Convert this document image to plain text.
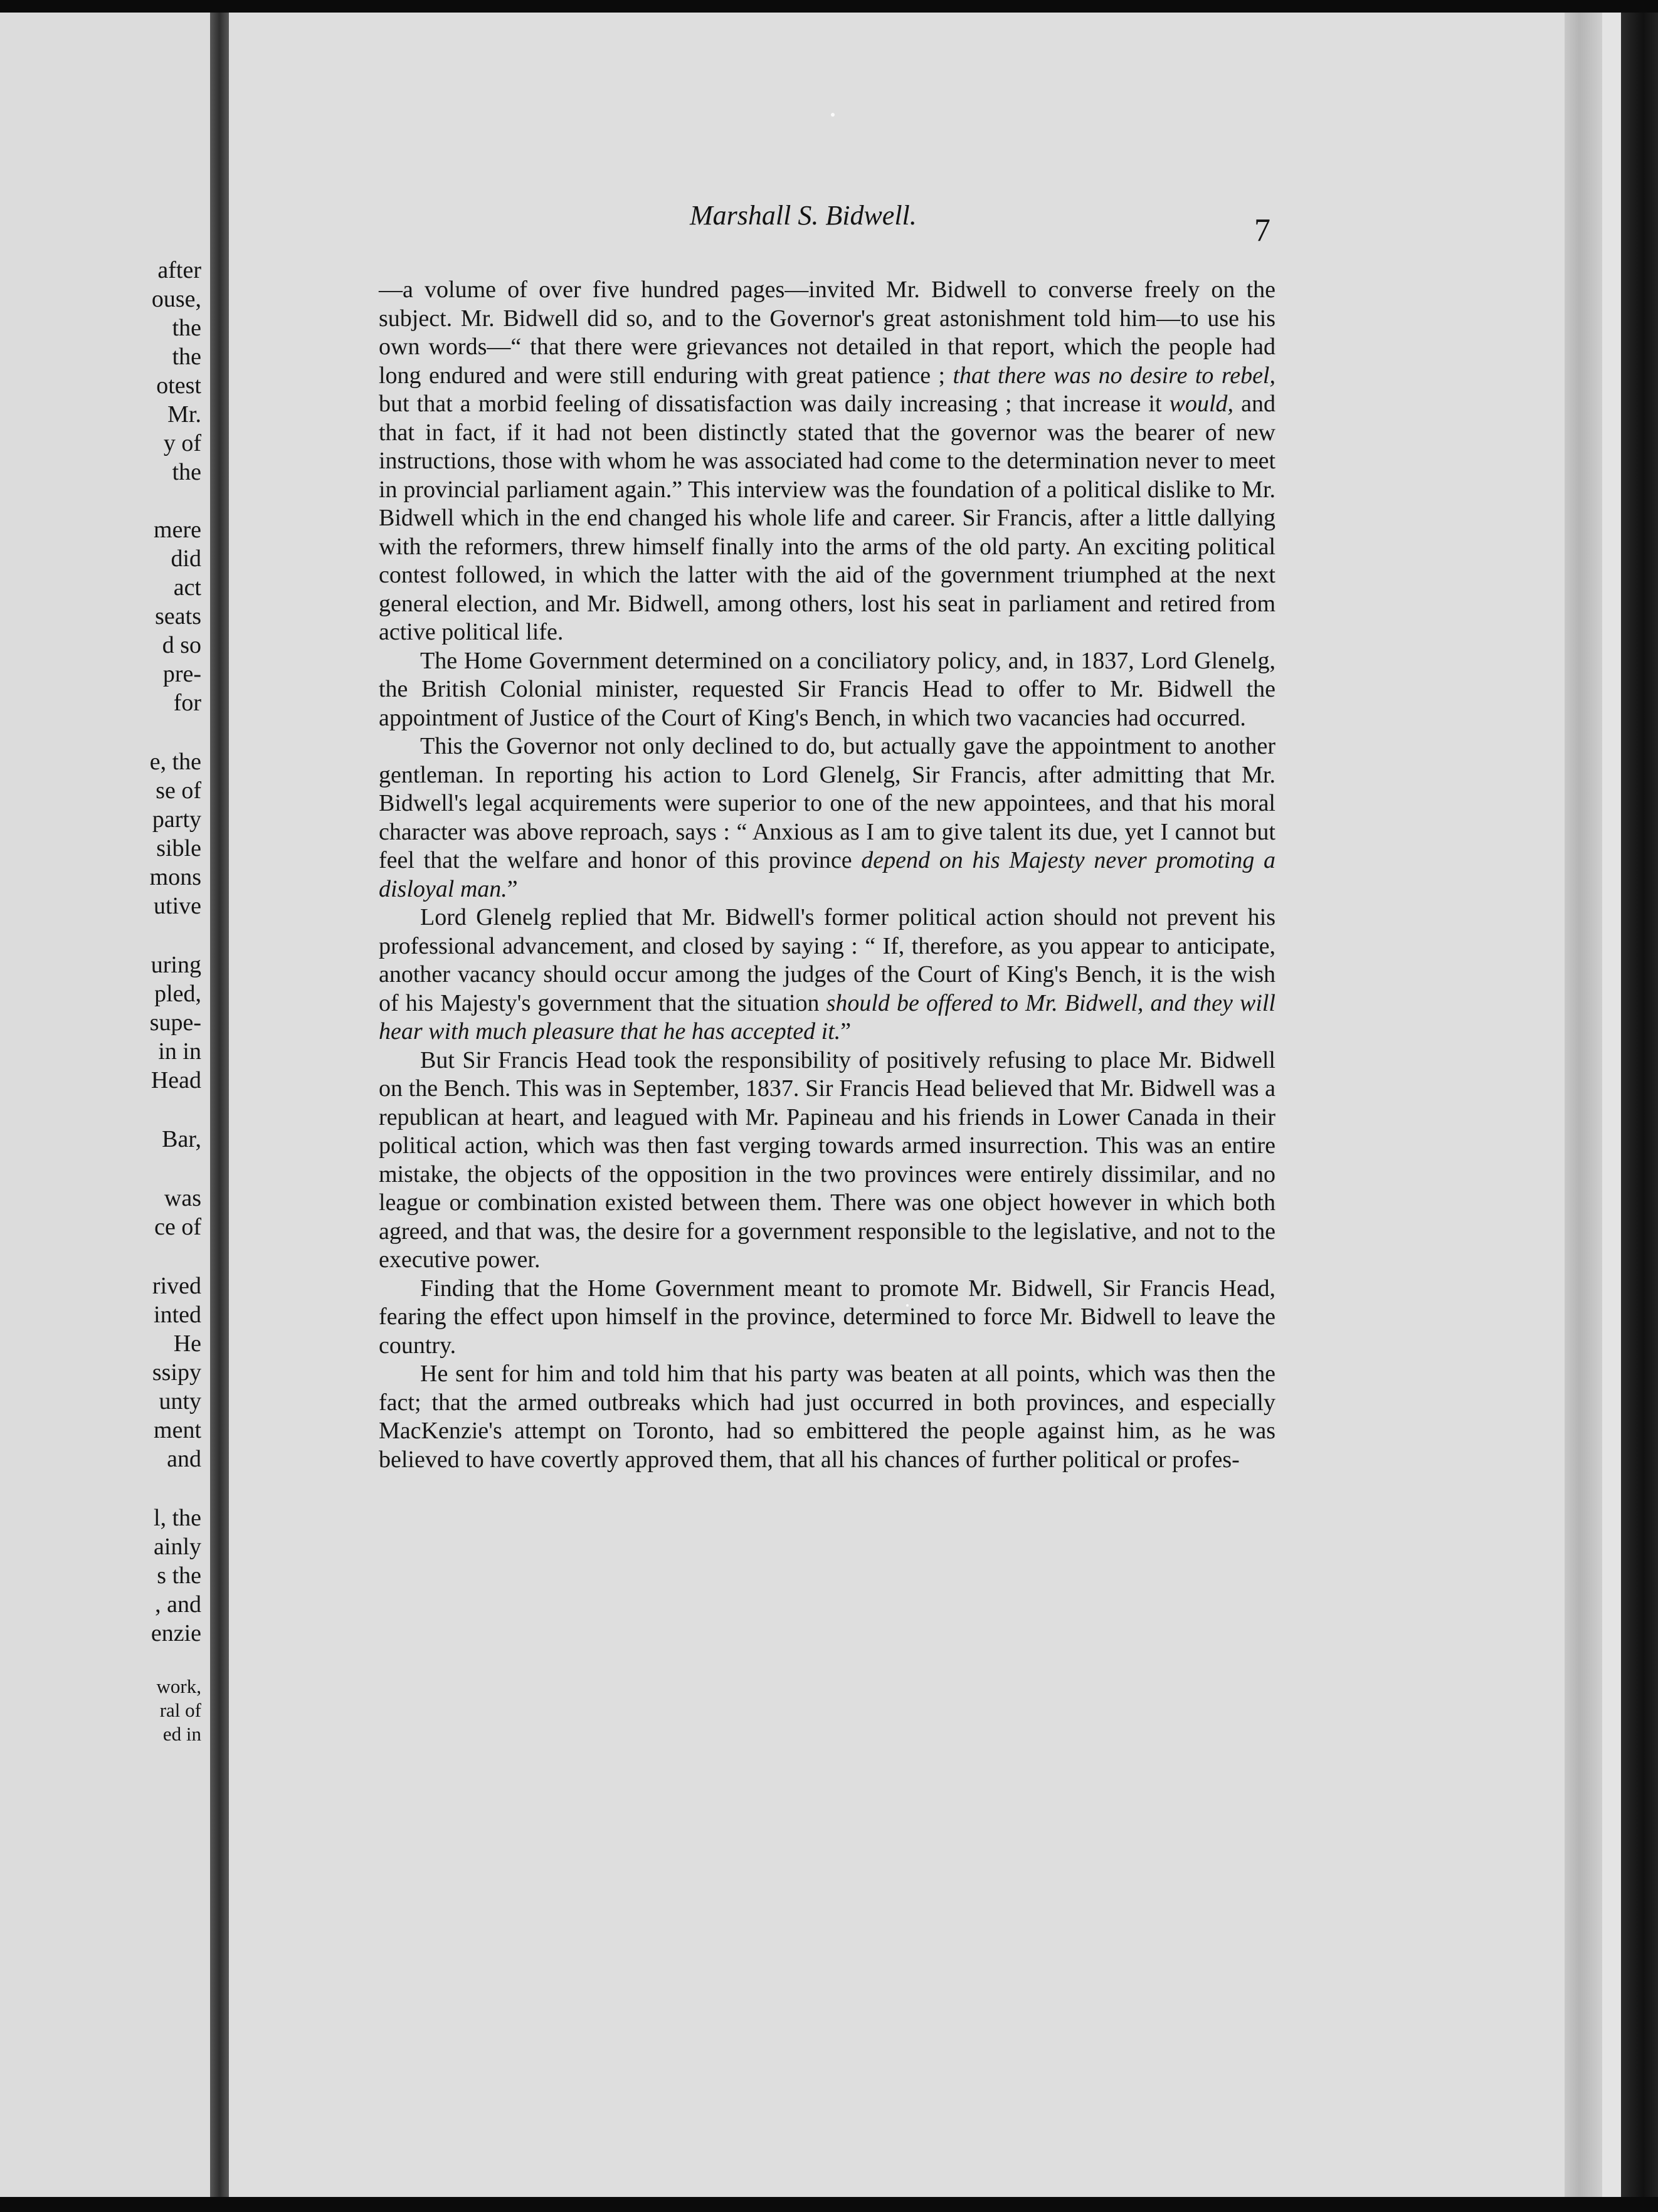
after
ouse,
the
the
otest
Mr.
y of
the
mere
did
act
seats
d so
pre-
for
e, the
se of
party
sible
mons
utive
uring
pled,
supe-
in in
Head
Bar,
was
ce of
rived
inted
He
ssipy
unty
ment
and
l, the
ainly
s the
, and
enzie
work,
ral of
ed in
Marshall S. Bidwell.	7

—a volume of over five hundred pages—invited Mr. Bidwell to converse freely on the subject. Mr. Bidwell did so, and to the Governor's great astonishment told him—to use his own words—“ that there were grievances not detailed in that report, which the people had long endured and were still enduring with great patience ; that there was no desire to rebel, but that a morbid feeling of dissatisfaction was daily increasing ; that increase it would, and that in fact, if it had not been distinctly stated that the governor was the bearer of new instructions, those with whom he was associated had come to the determination never to meet in provincial parliament again.” This interview was the foundation of a political dislike to Mr. Bidwell which in the end changed his whole life and career. Sir Francis, after a little dallying with the reformers, threw himself finally into the arms of the old party. An exciting political contest followed, in which the latter with the aid of the government triumphed at the next general election, and Mr. Bidwell, among others, lost his seat in parliament and retired from active political life.

The Home Government determined on a conciliatory policy, and, in 1837, Lord Glenelg, the British Colonial minister, requested Sir Francis Head to offer to Mr. Bidwell the appointment of Justice of the Court of King's Bench, in which two vacancies had occurred.

This the Governor not only declined to do, but actually gave the appointment to another gentleman. In reporting his action to Lord Glenelg, Sir Francis, after admitting that Mr. Bidwell's legal acquirements were superior to one of the new appointees, and that his moral character was above reproach, says : “ Anxious as I am to give talent its due, yet I cannot but feel that the welfare and honor of this province depend on his Majesty never promoting a disloyal man.”

Lord Glenelg replied that Mr. Bidwell's former political action should not prevent his professional advancement, and closed by saying : “ If, therefore, as you appear to anticipate, another vacancy should occur among the judges of the Court of King's Bench, it is the wish of his Majesty's government that the situation should be offered to Mr. Bidwell, and they will hear with much pleasure that he has accepted it.”

But Sir Francis Head took the responsibility of positively refusing to place Mr. Bidwell on the Bench. This was in September, 1837. Sir Francis Head believed that Mr. Bidwell was a republican at heart, and leagued with Mr. Papineau and his friends in Lower Canada in their political action, which was then fast verging towards armed insurrection. This was an entire mistake, the objects of the opposition in the two provinces were entirely dissimilar, and no league or combination existed between them. There was one object however in which both agreed, and that was, the desire for a government responsible to the legislative, and not to the executive power.

Finding that the Home Government meant to promote Mr. Bidwell, Sir Francis Head, fearing the effect upon himself in the province, determined to force Mr. Bidwell to leave the country.

He sent for him and told him that his party was beaten at all points, which was then the fact; that the armed outbreaks which had just occurred in both provinces, and especially MacKenzie's attempt on Toronto, had so embittered the people against him, as he was believed to have covertly approved them, that all his chances of further political or profes-
